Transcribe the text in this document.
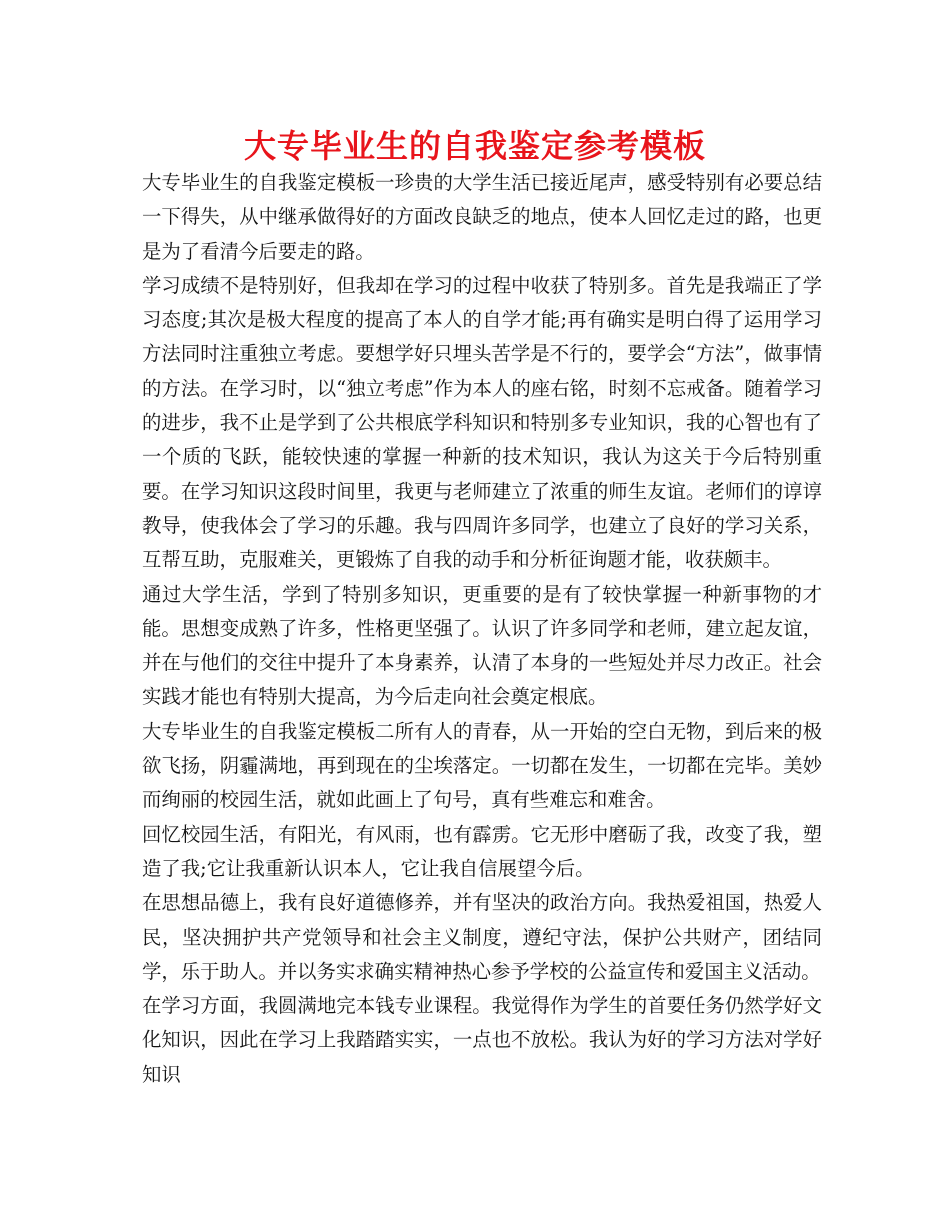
大专毕业生的自我鉴定参考模板

大专毕业生的自我鉴定模板一珍贵的大学生活已接近尾声，感受特别有必要总结一下得失，从中继承做得好的方面改良缺乏的地点，使本人回忆走过的路，也更是为了看清今后要走的路。

学习成绩不是特别好，但我却在学习的过程中收获了特别多。首先是我端正了学习态度;其次是极大程度的提高了本人的自学才能;再有确实是明白得了运用学习方法同时注重独立考虑。要想学好只埋头苦学是不行的，要学会“方法”，做事情的方法。在学习时，以“独立考虑”作为本人的座右铭，时刻不忘戒备。随着学习的进步，我不止是学到了公共根底学科知识和特别多专业知识，我的心智也有了一个质的飞跃，能较快速的掌握一种新的技术知识，我认为这关于今后特别重要。在学习知识这段时间里，我更与老师建立了浓重的师生友谊。老师们的谆谆教导，使我体会了学习的乐趣。我与四周许多同学，也建立了良好的学习关系，互帮互助，克服难关，更锻炼了自我的动手和分析征询题才能，收获颇丰。

通过大学生活，学到了特别多知识，更重要的是有了较快掌握一种新事物的才能。思想变成熟了许多，性格更坚强了。认识了许多同学和老师，建立起友谊，并在与他们的交往中提升了本身素养，认清了本身的一些短处并尽力改正。社会实践才能也有特别大提高，为今后走向社会奠定根底。

大专毕业生的自我鉴定模板二所有人的青春，从一开始的空白无物，到后来的极欲飞扬，阴霾满地，再到现在的尘埃落定。一切都在发生，一切都在完毕。美妙而绚丽的校园生活，就如此画上了句号，真有些难忘和难舍。

回忆校园生活，有阳光，有风雨，也有霹雳。它无形中磨砺了我，改变了我，塑造了我;它让我重新认识本人，它让我自信展望今后。

在思想品德上，我有良好道德修养，并有坚决的政治方向。我热爱祖国，热爱人民，坚决拥护共产党领导和社会主义制度，遵纪守法，保护公共财产，团结同学，乐于助人。并以务实求确实精神热心参予学校的公益宣传和爱国主义活动。

在学习方面，我圆满地完本钱专业课程。我觉得作为学生的首要任务仍然学好文化知识，因此在学习上我踏踏实实，一点也不放松。我认为好的学习方法对学好知识
